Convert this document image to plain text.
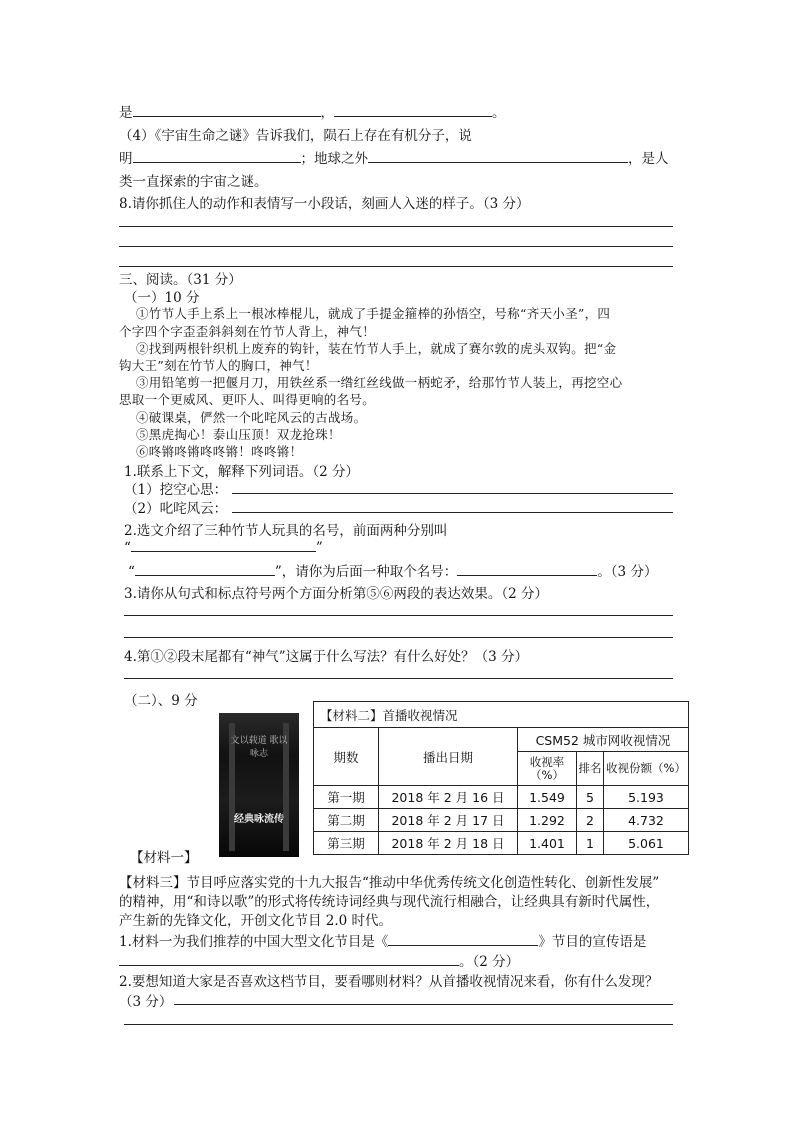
是	，	。
（4）《宇宙生命之谜》告诉我们，陨石上存在有机分子，说
明	；地球之外	，是人
类一直探索的宇宙之谜。
8.请你抓住人的动作和表情写一小段话，刻画人入迷的样子。（3 分）
三、阅读。（31 分）
（一）10 分
①竹节人手上系上一根冰棒棍儿，就成了手提金箍棒的孙悟空，号称“齐天小圣”，四
个字四个字歪歪斜斜刻在竹节人背上，神气！
②找到两根针织机上废弃的钩针，装在竹节人手上，就成了赛尔敦的虎头双钩。把“金
钩大王”刻在竹节人的胸口，神气！
③用铅笔剪一把偃月刀，用铁丝系一绺红丝线做一柄蛇矛，给那竹节人装上，再挖空心
思取一个更威风、更吓人、叫得更响的名号。
④破课桌，俨然一个叱咤风云的古战场。
⑤黑虎掏心！泰山压顶！双龙抢珠！
⑥咚锵咚锵咚咚锵！咚咚锵！
1.联系上下文，解释下列词语。（2 分）
（1）挖空心思：
（2）叱咤风云：
2.选文介绍了三种竹节人玩具的名号，前面两种分别叫
“	”
“	”，请你为后面一种取个名号：	。（3 分）
3.请你从句式和标点符号两个方面分析第⑤⑥两段的表达效果。（2 分）
4.第①②段末尾都有“神气”这属于什么写法？有什么好处？（3 分）
（二）、9 分
文以载道 歌以咏志
经典咏流传
【材料一】
【材料二】首播收视情况				
期数	播出日期	CSM52 城市网收视情况		
		收视率（%）	排名	收视份额（%）
第一期	2018 年 2 月 16 日	1.549	5	5.193
第二期	2018 年 2 月 17 日	1.292	2	4.732
第三期	2018 年 2 月 18 日	1.401	1	5.061
【材料三】节目呼应落实党的十九大报告“推动中华优秀传统文化创造性转化、创新性发展”
的精神，用“和诗以歌”的形式将传统诗词经典与现代流行相融合，让经典具有新时代属性，
产生新的先锋文化，开创文化节目 2.0 时代。
1.材料一为我们推荐的中国大型文化节目是《	》节目的宣传语是
。（2 分）
2.要想知道大家是否喜欢这档节目，要看哪则材料？从首播收视情况来看，你有什么发现？
（3 分）
